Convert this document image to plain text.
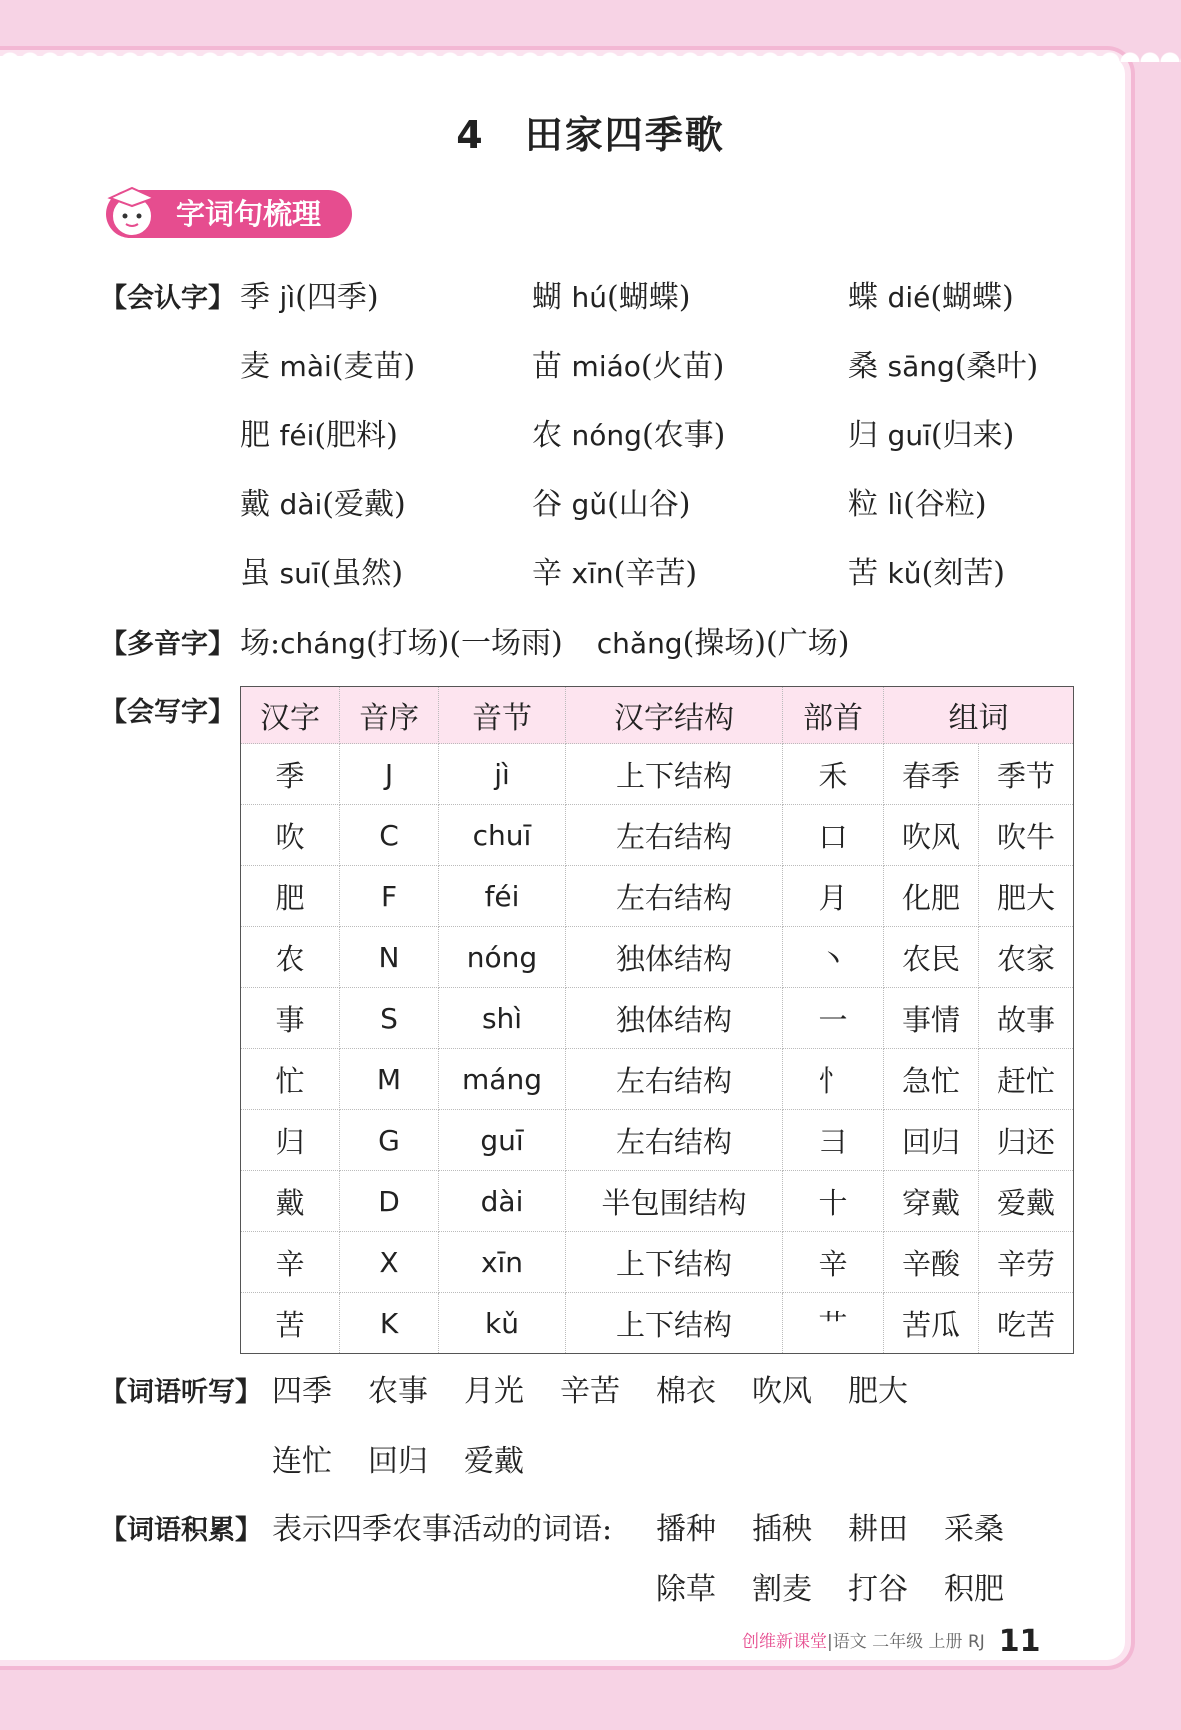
4 田家四季歌
字词句梳理
【会认字】 季 jì(四季)	蝴 hú(蝴蝶)	蝶 dié(蝴蝶)
麦 mài(麦苗)	苗 miáo(火苗)	桑 sāng(桑叶)
肥 féi(肥料)	农 nóng(农事)	归 guī(归来)
戴 dài(爱戴)	谷 gǔ(山谷)	粒 lì(谷粒)
虽 suī(虽然)	辛 xīn(辛苦)	苦 kǔ(刻苦)
【多音字】 场:cháng(打场)(一场雨) chǎng(操场)(广场)
【会写字】 汉字	音序	音节	汉字结构	部首	组词	
季	J	jì	上下结构	禾	春季	季节
吹	C	chuī	左右结构	口	吹风	吹牛
肥	F	féi	左右结构	月	化肥	肥大
农	N	nóng	独体结构	丶	农民	农家
事	S	shì	独体结构	一	事情	故事
忙	M	máng	左右结构	忄	急忙	赶忙
归	G	guī	左右结构	彐	回归	归还
戴	D	dài	半包围结构	十	穿戴	爱戴
辛	X	xīn	上下结构	辛	辛酸	辛劳
苦	K	kǔ	上下结构	艹	苦瓜	吃苦
【词语听写】 四季 农事 月光 辛苦 棉衣 吹风 肥大
连忙 回归 爱戴
【词语积累】 表示四季农事活动的词语: 播种 插秧 耕田 采桑
除草 割麦 打谷 积肥
创维新课堂|语文 二年级 上册 RJ 11
